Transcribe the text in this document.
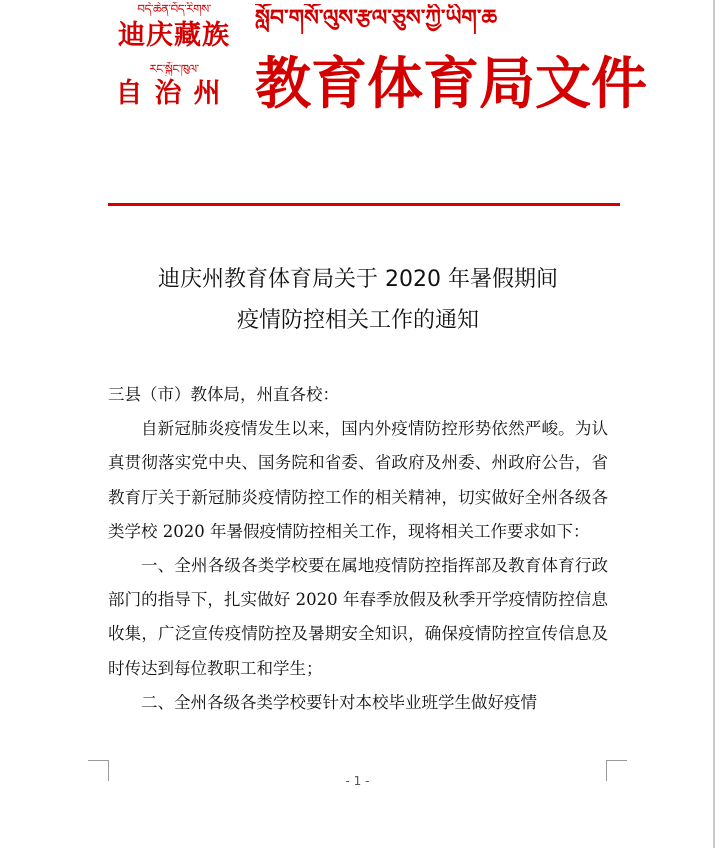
བདེ་ཆེན་བོད་རིགས་
迪庆藏族
རང་སྐྱོང་ཁུལ་
自治州
སློབ་གསོ་ལུས་རྩལ་ཅུས་ཀྱི་ཡིག་ཆ
教育体育局文件
迪庆州教育体育局关于 2020 年暑假期间
疫情防控相关工作的通知

三县（市）教体局，州直各校：

自新冠肺炎疫情发生以来，国内外疫情防控形势依然严峻。为认真贯彻落实党中央、国务院和省委、省政府及州委、州政府公告，省教育厅关于新冠肺炎疫情防控工作的相关精神，切实做好全州各级各类学校 2020 年暑假疫情防控相关工作，现将相关工作要求如下：

一、全州各级各类学校要在属地疫情防控指挥部及教育体育行政部门的指导下，扎实做好 2020 年春季放假及秋季开学疫情防控信息收集，广泛宣传疫情防控及暑期安全知识，确保疫情防控宣传信息及时传达到每位教职工和学生；

二、全州各级各类学校要针对本校毕业班学生做好疫情

- 1 -
